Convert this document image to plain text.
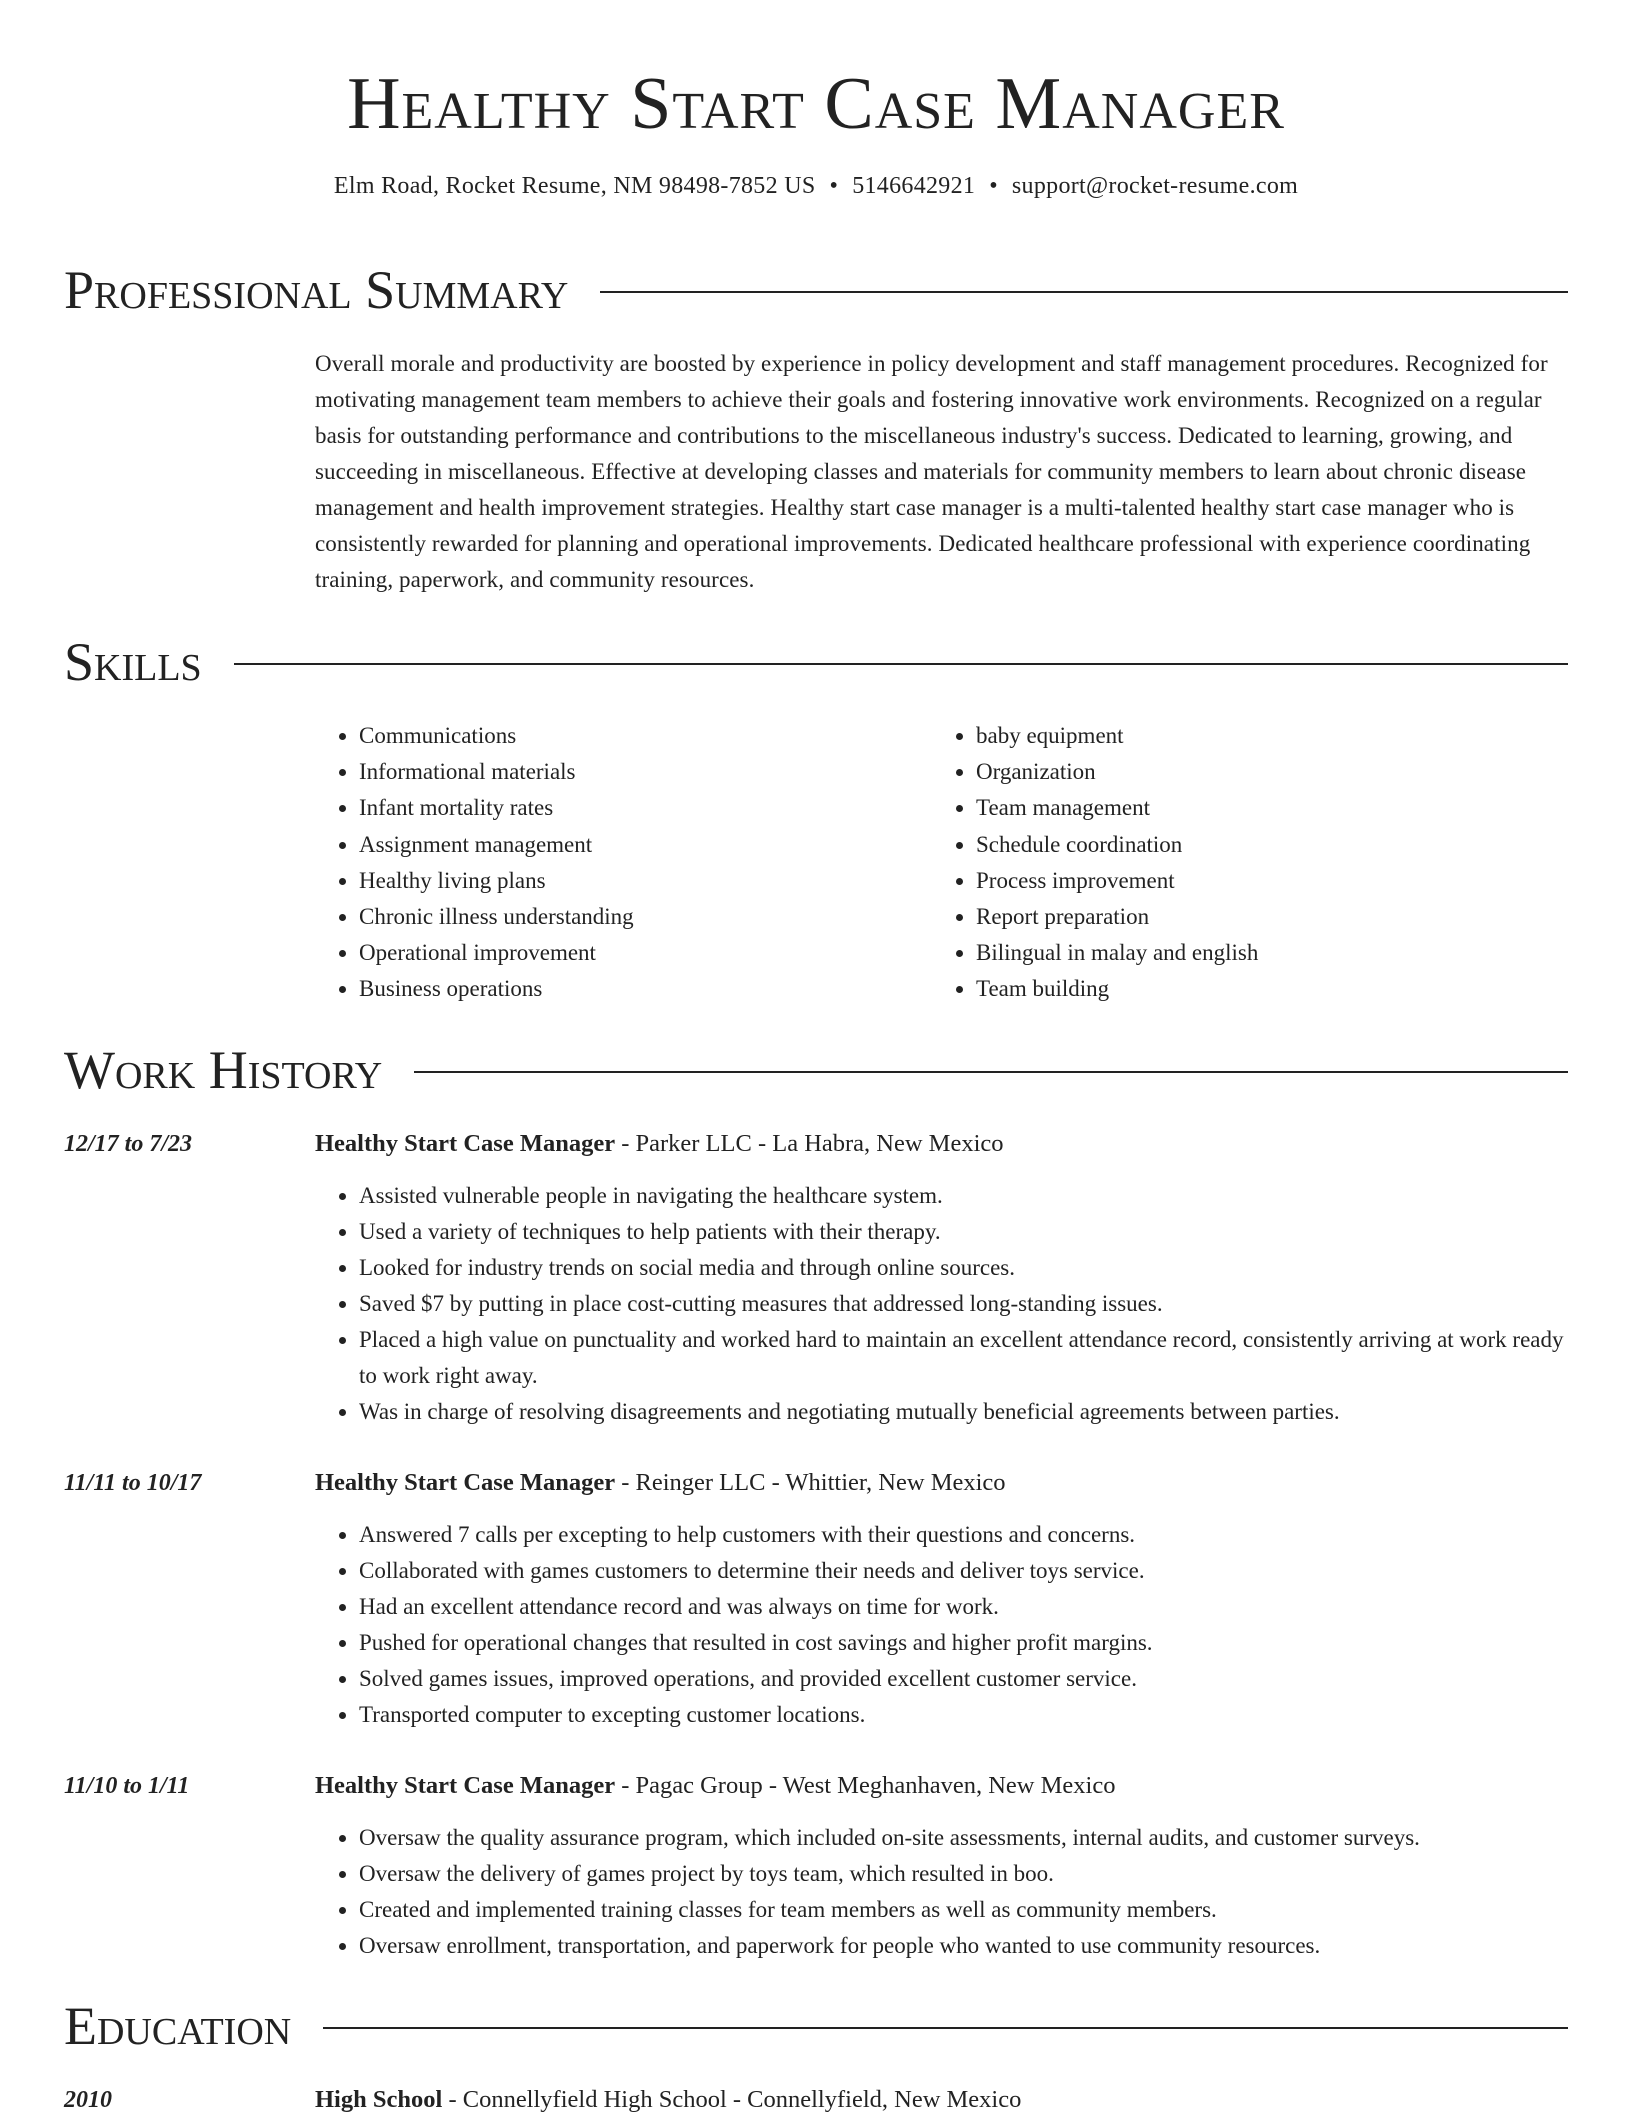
Healthy Start Case Manager
Elm Road, Rocket Resume, NM 98498-7852 US • 5146642921 • support@rocket-resume.com
Professional Summary
Overall morale and productivity are boosted by experience in policy development and staff management procedures. Recognized for motivating management team members to achieve their goals and fostering innovative work environments. Recognized on a regular basis for outstanding performance and contributions to the miscellaneous industry's success. Dedicated to learning, growing, and succeeding in miscellaneous. Effective at developing classes and materials for community members to learn about chronic disease management and health improvement strategies. Healthy start case manager is a multi-talented healthy start case manager who is consistently rewarded for planning and operational improvements. Dedicated healthcare professional with experience coordinating training, paperwork, and community resources.
Skills
• Communications
• Informational materials
• Infant mortality rates
• Assignment management
• Healthy living plans
• Chronic illness understanding
• Operational improvement
• Business operations
• baby equipment
• Organization
• Team management
• Schedule coordination
• Process improvement
• Report preparation
• Bilingual in malay and english
• Team building
Work History
12/17 to 7/23	Healthy Start Case Manager - Parker LLC - La Habra, New Mexico
• Assisted vulnerable people in navigating the healthcare system.
• Used a variety of techniques to help patients with their therapy.
• Looked for industry trends on social media and through online sources.
• Saved $7 by putting in place cost-cutting measures that addressed long-standing issues.
• Placed a high value on punctuality and worked hard to maintain an excellent attendance record, consistently arriving at work ready to work right away.
• Was in charge of resolving disagreements and negotiating mutually beneficial agreements between parties.
11/11 to 10/17	Healthy Start Case Manager - Reinger LLC - Whittier, New Mexico
• Answered 7 calls per excepting to help customers with their questions and concerns.
• Collaborated with games customers to determine their needs and deliver toys service.
• Had an excellent attendance record and was always on time for work.
• Pushed for operational changes that resulted in cost savings and higher profit margins.
• Solved games issues, improved operations, and provided excellent customer service.
• Transported computer to excepting customer locations.
11/10 to 1/11	Healthy Start Case Manager - Pagac Group - West Meghanhaven, New Mexico
• Oversaw the quality assurance program, which included on-site assessments, internal audits, and customer surveys.
• Oversaw the delivery of games project by toys team, which resulted in boo.
• Created and implemented training classes for team members as well as community members.
• Oversaw enrollment, transportation, and paperwork for people who wanted to use community resources.
Education
2010	High School - Connellyfield High School - Connellyfield, New Mexico
